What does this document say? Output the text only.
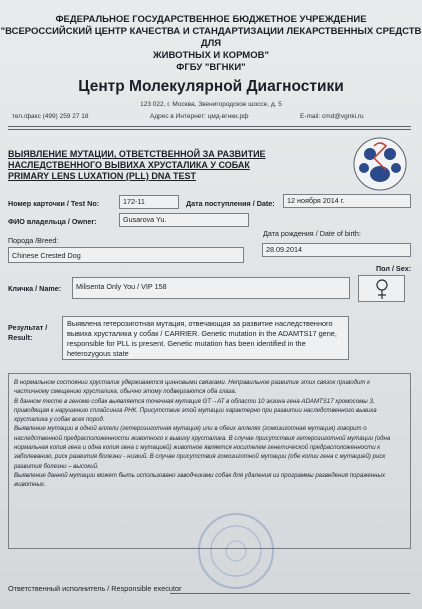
ФЕДЕРАЛЬНОЕ ГОСУДАРСТВЕННОЕ БЮДЖЕТНОЕ УЧРЕЖДЕНИЕ
"ВСЕРОССИЙСКИЙ ЦЕНТР КАЧЕСТВА И СТАНДАРТИЗАЦИИ ЛЕКАРСТВЕННЫХ СРЕДСТВ ДЛЯ
ЖИВОТНЫХ И КОРМОВ"
ФГБУ "ВГНКИ"
Центр Молекулярной Диагностики
123 022, г. Москва, Звенигородское шоссе, д. 5
тел./факс (499) 259 27 18	Адрес в Интернет: цмд-вгнки.рф	E-mail: cmd@vgnki.ru
ВЫЯВЛЕНИЕ МУТАЦИИ, ОТВЕТСТВЕННОЙ ЗА РАЗВИТИЕ
НАСЛЕДСТВЕННОГО ВЫВИХА ХРУСТАЛИКА У СОБАК
PRIMARY LENS LUXATION (PLL) DNA TEST
Номер карточки / Test No:	172-11	Дата поступления / Date:	12 ноября 2014 г.
ФИО владельца / Owner:	Gusarova Yu.
Порода /Breed:
Дата рождения / Date of birth:
Chinese Crested Dog
28.09.2014
Пол / Sex:
Кличка / Name:	Milisenta Only You / VIP 158
Результат /
Result:
Выявлена гетерозиготная мутация, отвечающая за развитие наследственного вывиха хрусталика у собак / CARRIER. Genetic mutation in the ADAMTS17 gene, responsible for PLL is present. Genetic mutation has been identified in the heterozygous state

В нормальном состоянии хрусталик удерживается цинновыми связками. Неправильное развитие этих связок приводит к частичному смещению хрусталика, обычно этому подвергаются оба глаза.

В данном тесте в геноме собак выявляется точечная мутация GT→AT в области 10 экзона гена ADAMTS17 хромосомы 3, приводящая к нарушению сплайсинга РНК. Присутствие этой мутации характерно при развитии наследственного вывиха хрусталика у собак всех пород.

Выявление мутации в одной аллели (гетерозиготная мутация) или в обеих аллелях (гомозиготная мутация) говорит о наследственной предрасположенности животного к вывиху хрусталика. В случае присутствия гетерозиготной мутации (одна нормальная копия гена и одна копия гена с мутацией) животное является носителем генетической предрасположенности к заболеванию, риск развития болезни - низкий. В случае присутствия гомозиготной мутации (обе копии гена с мутацией) риск развития болезни – высокий.

Выявление данной мутации может быть использовано заводчиками собак для удаления из программы разведения пораженных животных.

Ответственный исполнитель / Responsible executor
